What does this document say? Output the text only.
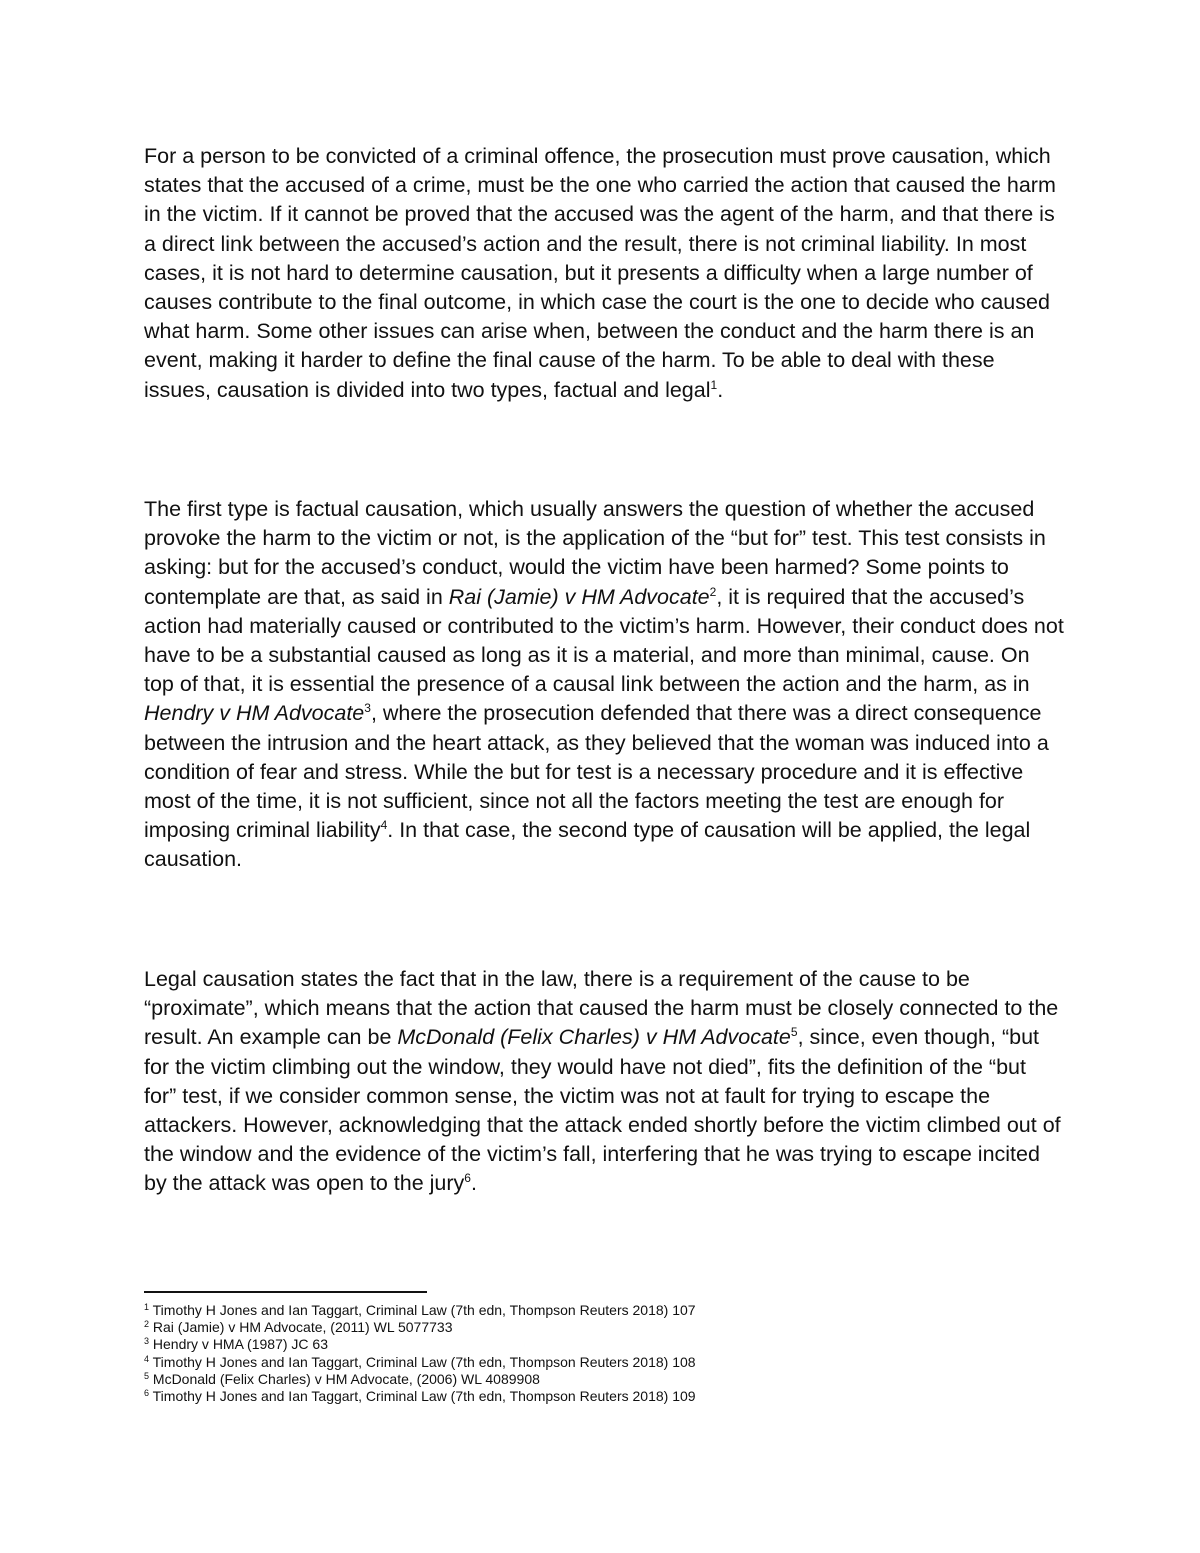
For a person to be convicted of a criminal offence, the prosecution must prove causation, which states that the accused of a crime, must be the one who carried the action that caused the harm in the victim. If it cannot be proved that the accused was the agent of the harm, and that there is a direct link between the accused’s action and the result, there is not criminal liability. In most cases, it is not hard to determine causation, but it presents a difficulty when a large number of causes contribute to the final outcome, in which case the court is the one to decide who caused what harm. Some other issues can arise when, between the conduct and the harm there is an event, making it harder to define the final cause of the harm. To be able to deal with these issues, causation is divided into two types, factual and legal$^1$.

The first type is factual causation, which usually answers the question of whether the accused provoke the harm to the victim or not, is the application of the “but for” test. This test consists in asking: but for the accused’s conduct, would the victim have been harmed? Some points to contemplate are that, as said in Rai (Jamie) v HM Advocate$^2$, it is required that the accused’s action had materially caused or contributed to the victim’s harm. However, their conduct does not have to be a substantial caused as long as it is a material, and more than minimal, cause. On top of that, it is essential the presence of a causal link between the action and the harm, as in Hendry v HM Advocate$^3$, where the prosecution defended that there was a direct consequence between the intrusion and the heart attack, as they believed that the woman was induced into a condition of fear and stress. While the but for test is a necessary procedure and it is effective most of the time, it is not sufficient, since not all the factors meeting the test are enough for imposing criminal liability$^4$. In that case, the second type of causation will be applied, the legal causation.

Legal causation states the fact that in the law, there is a requirement of the cause to be “proximate”, which means that the action that caused the harm must be closely connected to the result. An example can be McDonald (Felix Charles) v HM Advocate$^5$, since, even though, “but for the victim climbing out the window, they would have not died”, fits the definition of the “but for” test, if we consider common sense, the victim was not at fault for trying to escape the attackers. However, acknowledging that the attack ended shortly before the victim climbed out of the window and the evidence of the victim’s fall, interfering that he was trying to escape incited by the attack was open to the jury$^6$.

$^1$ Timothy H Jones and Ian Taggart, Criminal Law (7th edn, Thompson Reuters 2018) 107
$^2$ Rai (Jamie) v HM Advocate, (2011) WL 5077733
$^3$ Hendry v HMA (1987) JC 63
$^4$ Timothy H Jones and Ian Taggart, Criminal Law (7th edn, Thompson Reuters 2018) 108
$^5$ McDonald (Felix Charles) v HM Advocate, (2006) WL 4089908
$^6$ Timothy H Jones and Ian Taggart, Criminal Law (7th edn, Thompson Reuters 2018) 109
